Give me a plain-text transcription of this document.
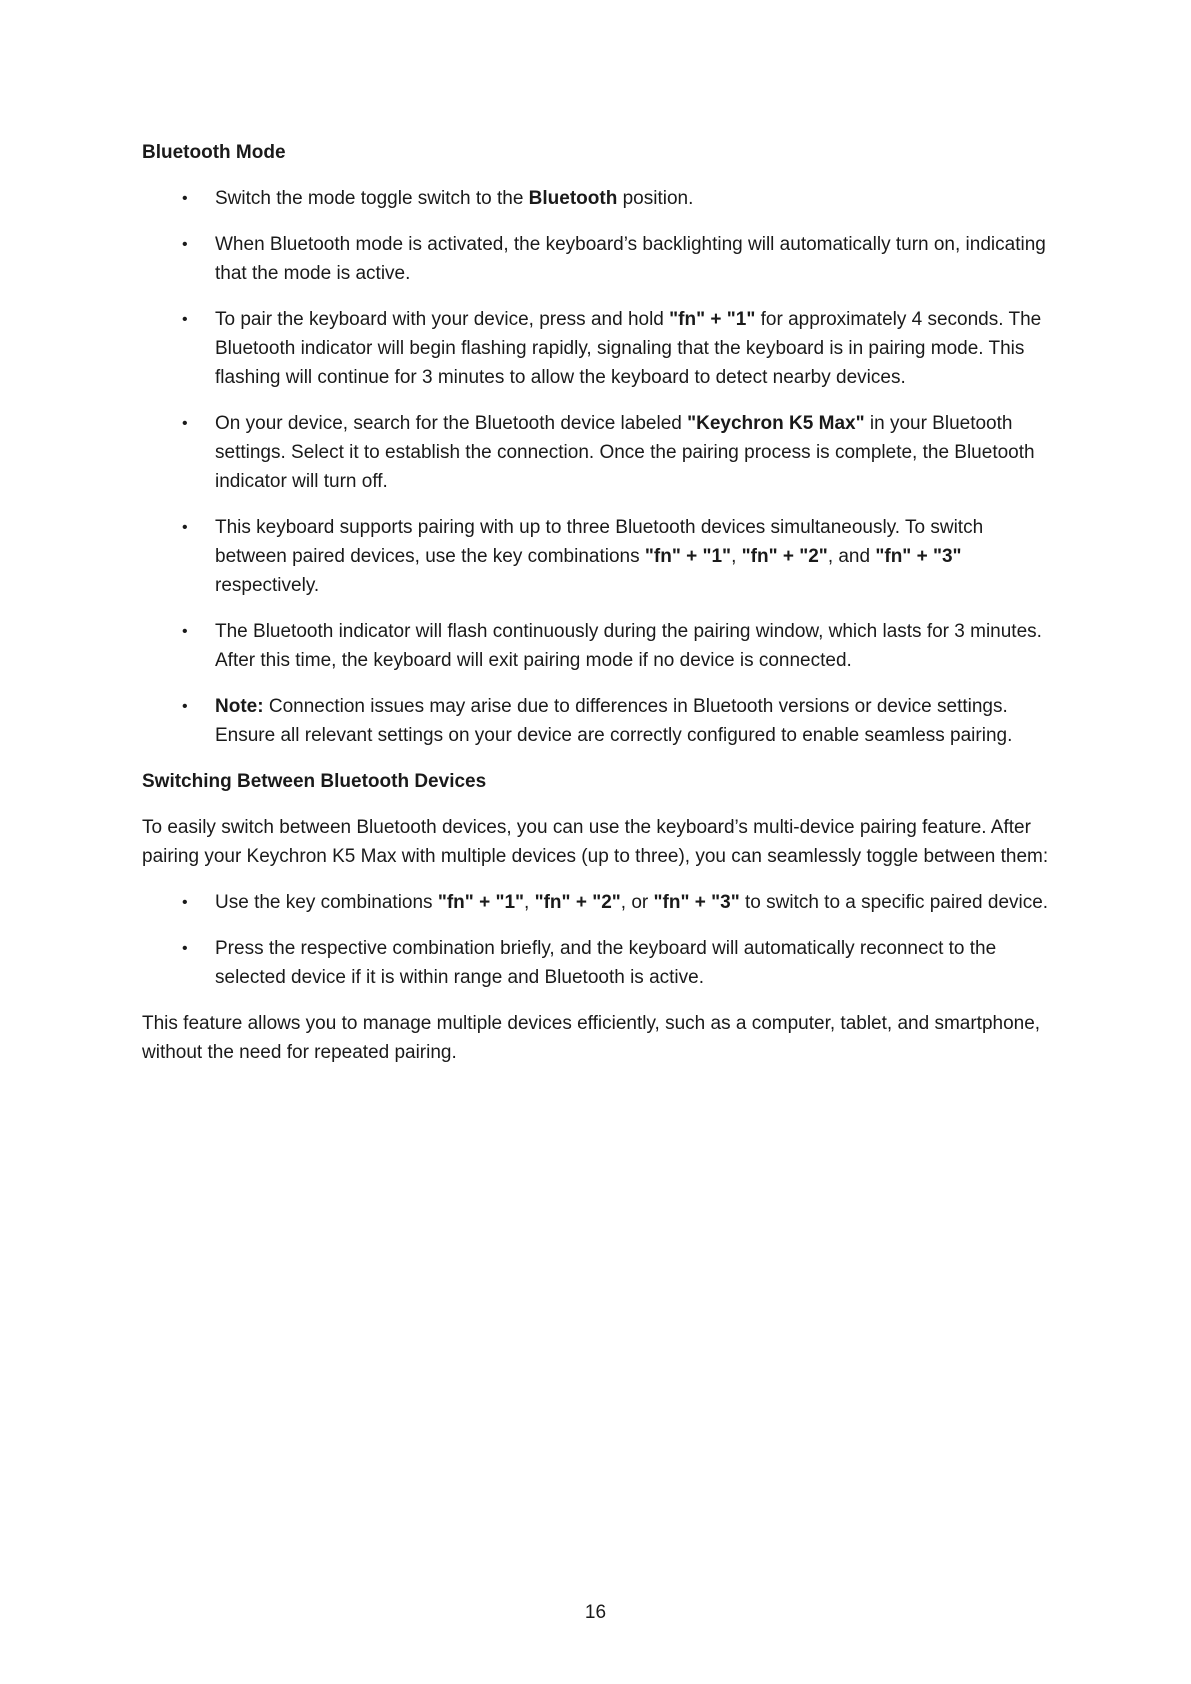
Bluetooth Mode
• Switch the mode toggle switch to the Bluetooth position.
• When Bluetooth mode is activated, the keyboard’s backlighting will automatically turn on, indicating that the mode is active.
• To pair the keyboard with your device, press and hold "fn" + "1" for approximately 4 seconds. The Bluetooth indicator will begin flashing rapidly, signaling that the keyboard is in pairing mode. This flashing will continue for 3 minutes to allow the keyboard to detect nearby devices.
• On your device, search for the Bluetooth device labeled "Keychron K5 Max" in your Bluetooth settings. Select it to establish the connection. Once the pairing process is complete, the Bluetooth indicator will turn off.
• This keyboard supports pairing with up to three Bluetooth devices simultaneously. To switch between paired devices, use the key combinations "fn" + "1", "fn" + "2", and "fn" + "3" respectively.
• The Bluetooth indicator will flash continuously during the pairing window, which lasts for 3 minutes. After this time, the keyboard will exit pairing mode if no device is connected.
• Note: Connection issues may arise due to differences in Bluetooth versions or device settings. Ensure all relevant settings on your device are correctly configured to enable seamless pairing.
Switching Between Bluetooth Devices

To easily switch between Bluetooth devices, you can use the keyboard’s multi-device pairing feature. After pairing your Keychron K5 Max with multiple devices (up to three), you can seamlessly toggle between them:

• Use the key combinations "fn" + "1", "fn" + "2", or "fn" + "3" to switch to a specific paired device.
• Press the respective combination briefly, and the keyboard will automatically reconnect to the selected device if it is within range and Bluetooth is active.

This feature allows you to manage multiple devices efficiently, such as a computer, tablet, and smartphone, without the need for repeated pairing.

16
